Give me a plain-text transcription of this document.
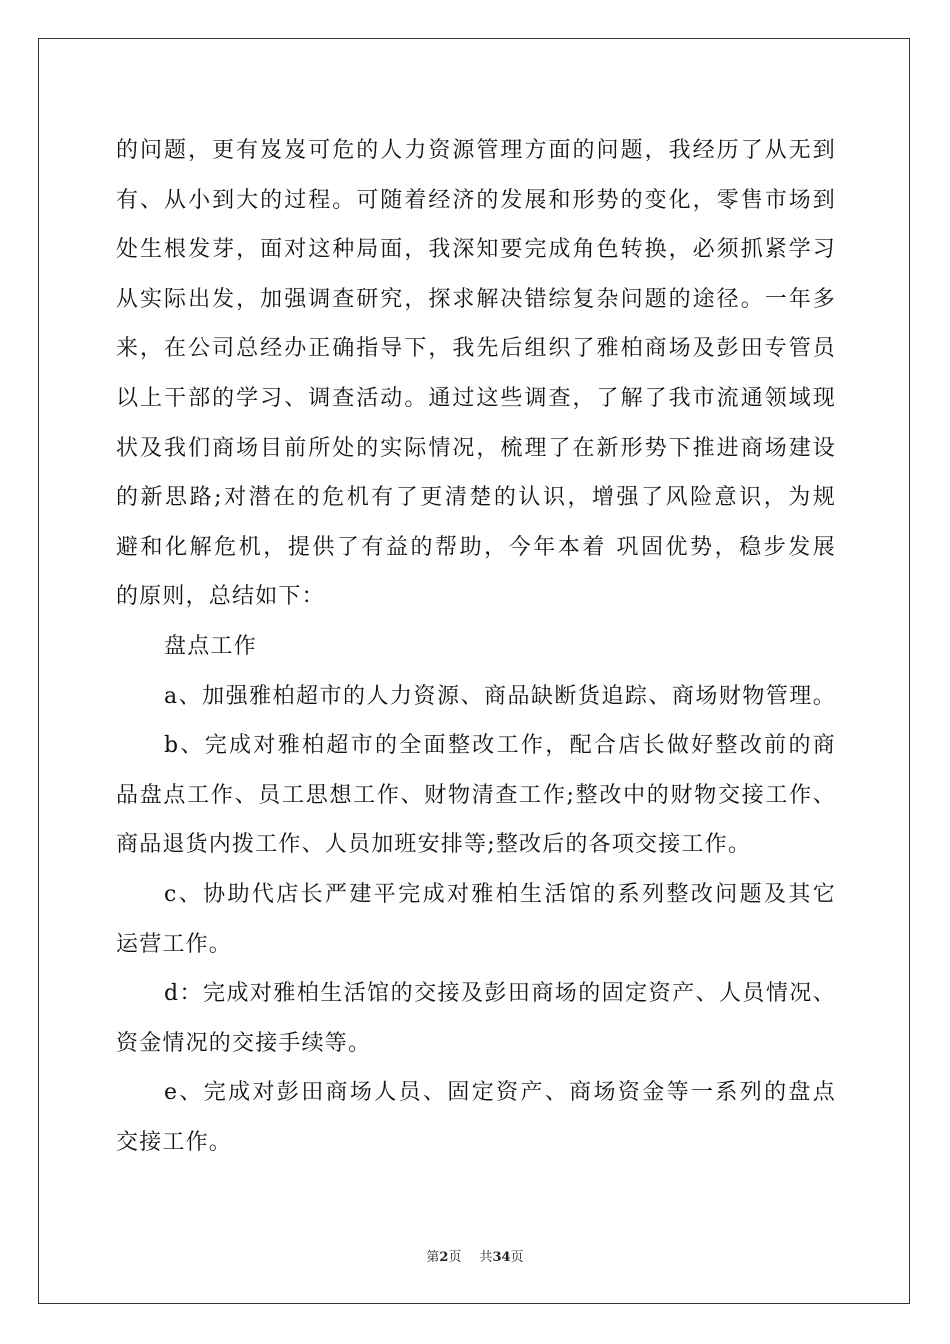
的问题，更有岌岌可危的人力资源管理方面的问题，我经历了从无到
有、从小到大的过程。可随着经济的发展和形势的变化，零售市场到
处生根发芽，面对这种局面，我深知要完成角色转换，必须抓紧学习
从实际出发，加强调查研究，探求解决错综复杂问题的途径。一年多
来，在公司总经办正确指导下，我先后组织了雅柏商场及彭田专管员
以上干部的学习、调查活动。通过这些调查，了解了我市流通领域现
状及我们商场目前所处的实际情况，梳理了在新形势下推进商场建设
的新思路;对潜在的危机有了更清楚的认识，增强了风险意识，为规
避和化解危机，提供了有益的帮助，今年本着 巩固优势，稳步发展
的原则，总结如下：
盘点工作
a、加强雅柏超市的人力资源、商品缺断货追踪、商场财物管理。
b、完成对雅柏超市的全面整改工作，配合店长做好整改前的商
品盘点工作、员工思想工作、财物清查工作;整改中的财物交接工作、
商品退货内拨工作、人员加班安排等;整改后的各项交接工作。
c、协助代店长严建平完成对雅柏生活馆的系列整改问题及其它
运营工作。
d：完成对雅柏生活馆的交接及彭田商场的固定资产、人员情况、
资金情况的交接手续等。
e、完成对彭田商场人员、固定资产、商场资金等一系列的盘点
交接工作。
第2页 共34页
